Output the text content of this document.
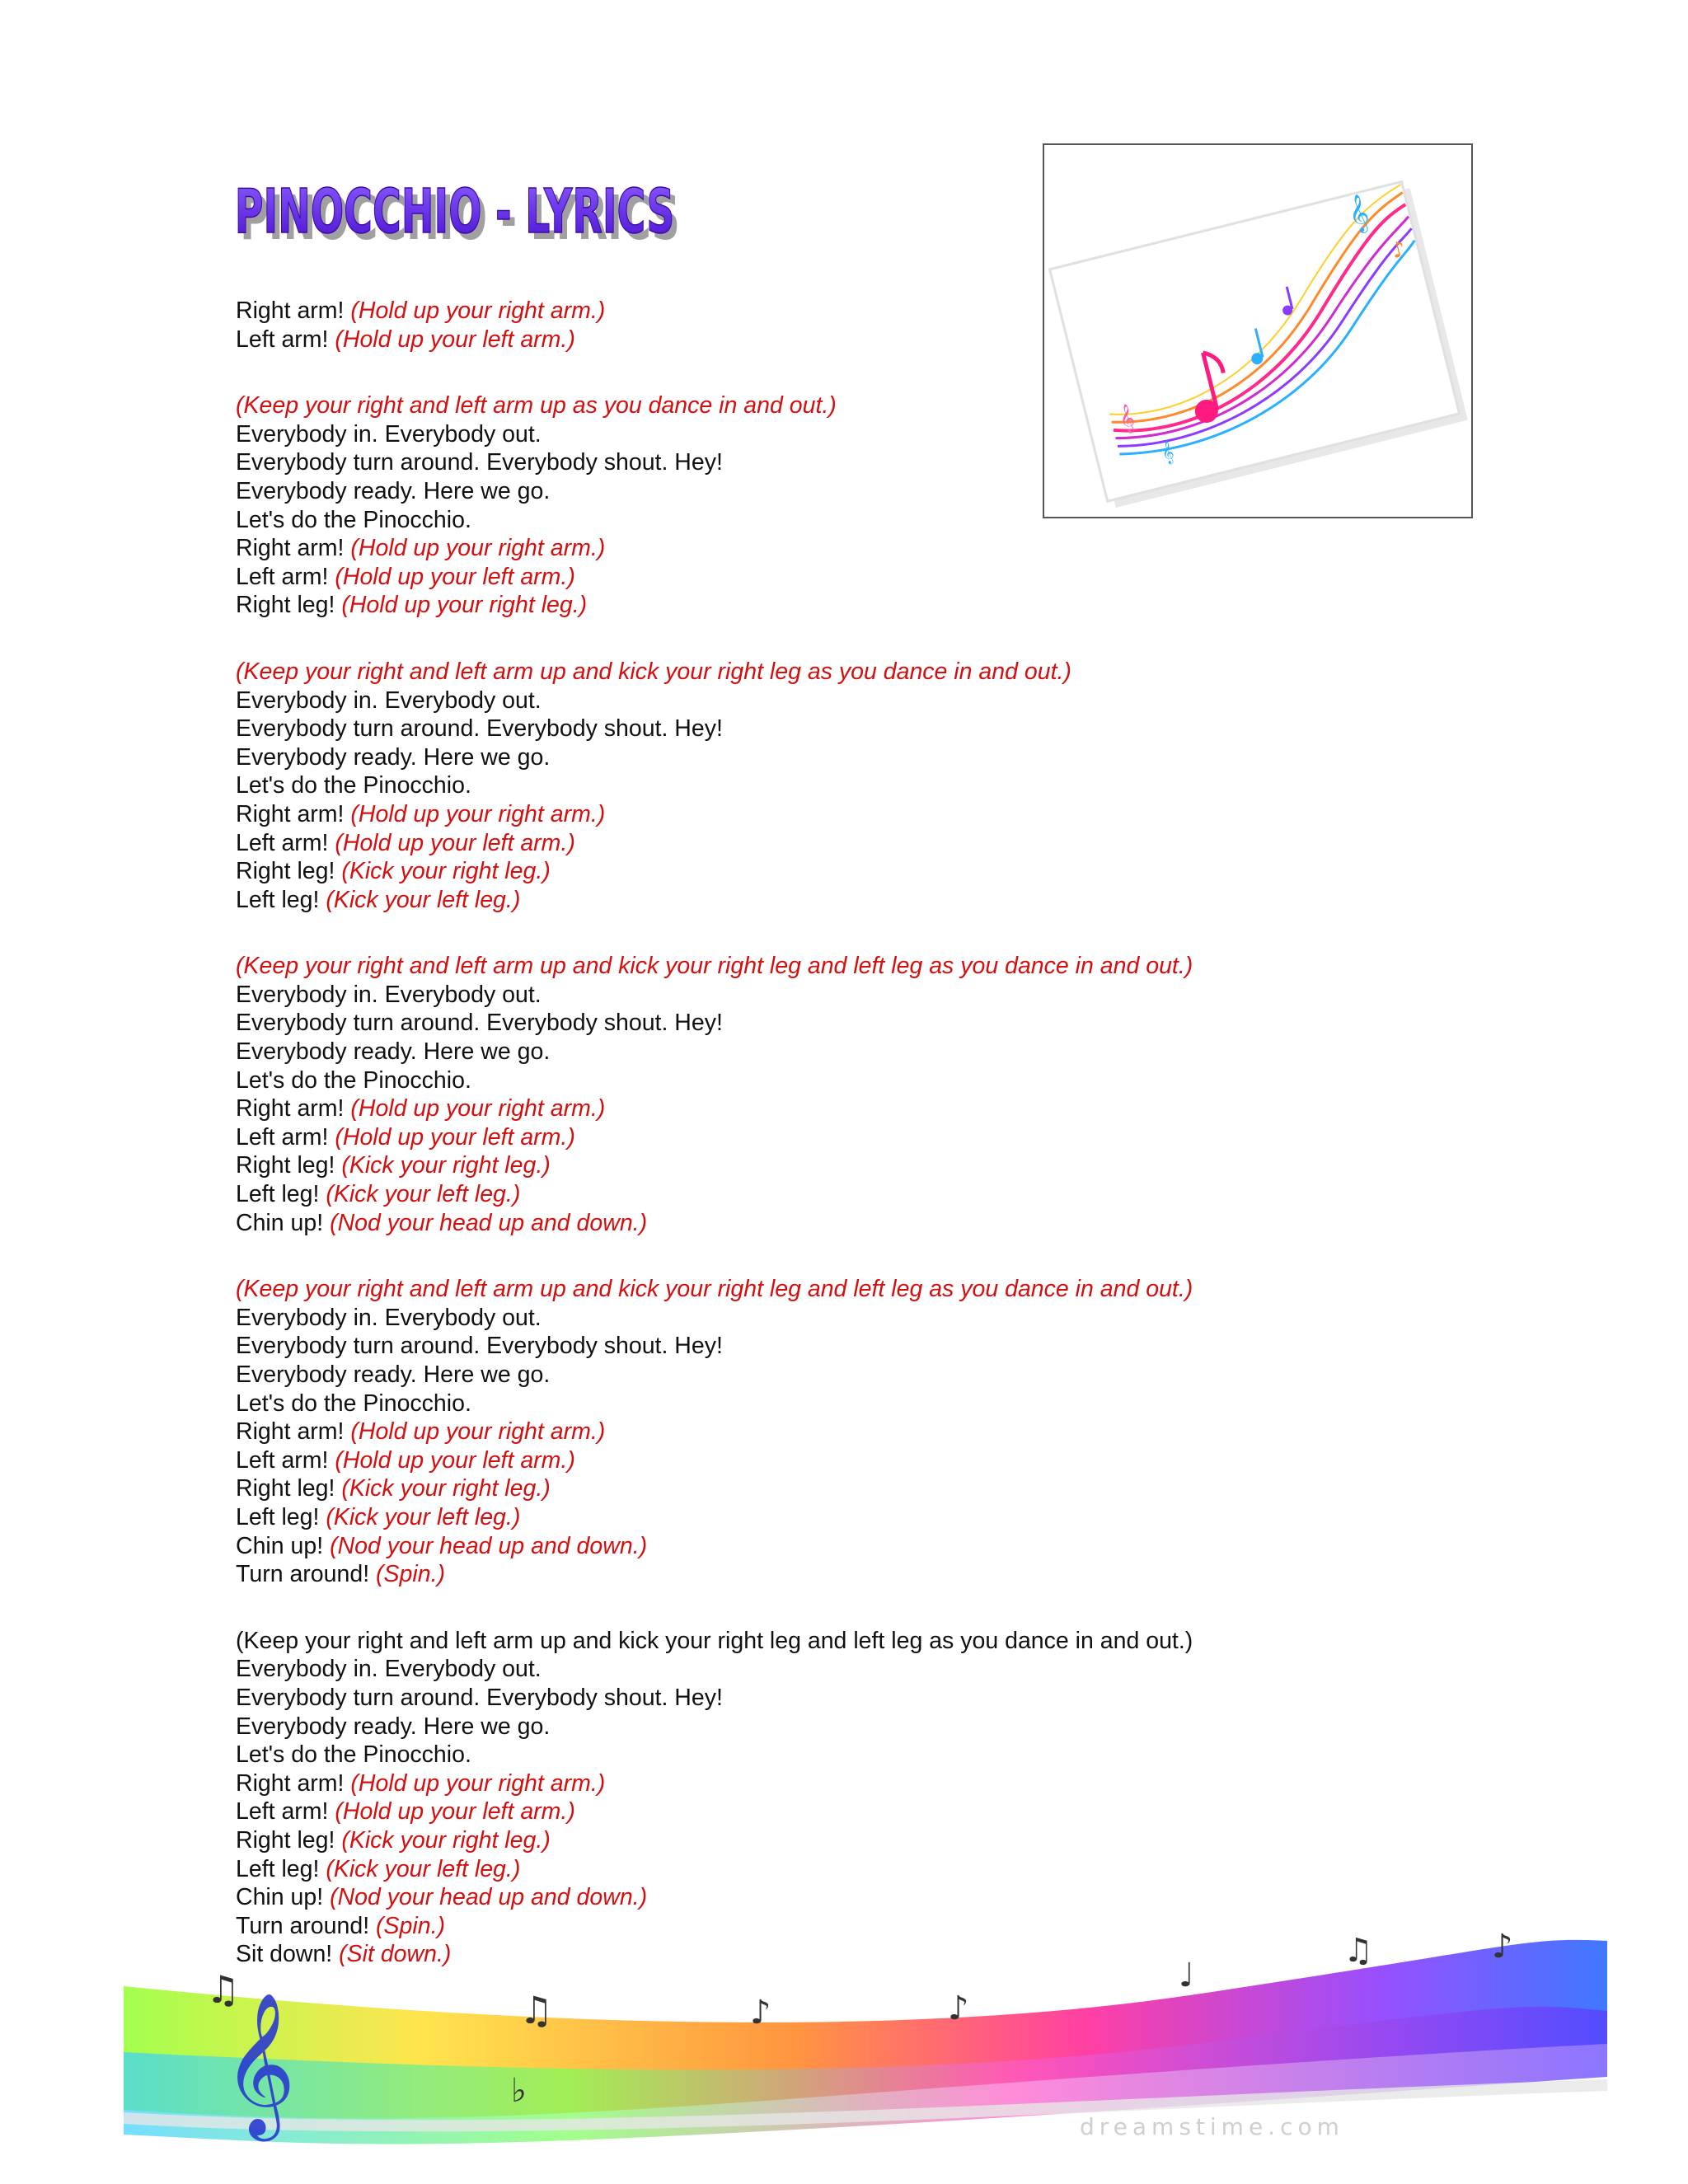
PINOCCHIO - LYRICS
PINOCCHIO - LYRICS	𝄞
𝄞
♪
𝄞
Right arm! (Hold up your right arm.)
Left arm! (Hold up your left arm.)
(Keep your right and left arm up as you dance in and out.)
Everybody in. Everybody out.
Everybody turn around. Everybody shout. Hey!
Everybody ready. Here we go.
Let's do the Pinocchio.
Right arm! (Hold up your right arm.)
Left arm! (Hold up your left arm.)
Right leg! (Hold up your right leg.)
(Keep your right and left arm up and kick your right leg as you dance in and out.)
Everybody in. Everybody out.
Everybody turn around. Everybody shout. Hey!
Everybody ready. Here we go.
Let's do the Pinocchio.
Right arm! (Hold up your right arm.)
Left arm! (Hold up your left arm.)
Right leg! (Kick your right leg.)
Left leg! (Kick your left leg.)
(Keep your right and left arm up and kick your right leg and left leg as you dance in and out.)
Everybody in. Everybody out.
Everybody turn around. Everybody shout. Hey!
Everybody ready. Here we go.
Let's do the Pinocchio.
Right arm! (Hold up your right arm.)
Left arm! (Hold up your left arm.)
Right leg! (Kick your right leg.)
Left leg! (Kick your left leg.)
Chin up! (Nod your head up and down.)
(Keep your right and left arm up and kick your right leg and left leg as you dance in and out.)
Everybody in. Everybody out.
Everybody turn around. Everybody shout. Hey!
Everybody ready. Here we go.
Let's do the Pinocchio.
Right arm! (Hold up your right arm.)
Left arm! (Hold up your left arm.)
Right leg! (Kick your right leg.)
Left leg! (Kick your left leg.)
Chin up! (Nod your head up and down.)
Turn around! (Spin.)
(Keep your right and left arm up and kick your right leg and left leg as you dance in and out.)
Everybody in. Everybody out.
Everybody turn around. Everybody shout. Hey!
Everybody ready. Here we go.
Let's do the Pinocchio.
Right arm! (Hold up your right arm.)
Left arm! (Hold up your left arm.)
Right leg! (Kick your right leg.)
Left leg! (Kick your left leg.)
Chin up! (Nod your head up and down.)
Turn around! (Spin.)
Sit down! (Sit down.)
𝄞
♫	♫	♪	♪
♩
♫	♪
♭
dreamstime.com
